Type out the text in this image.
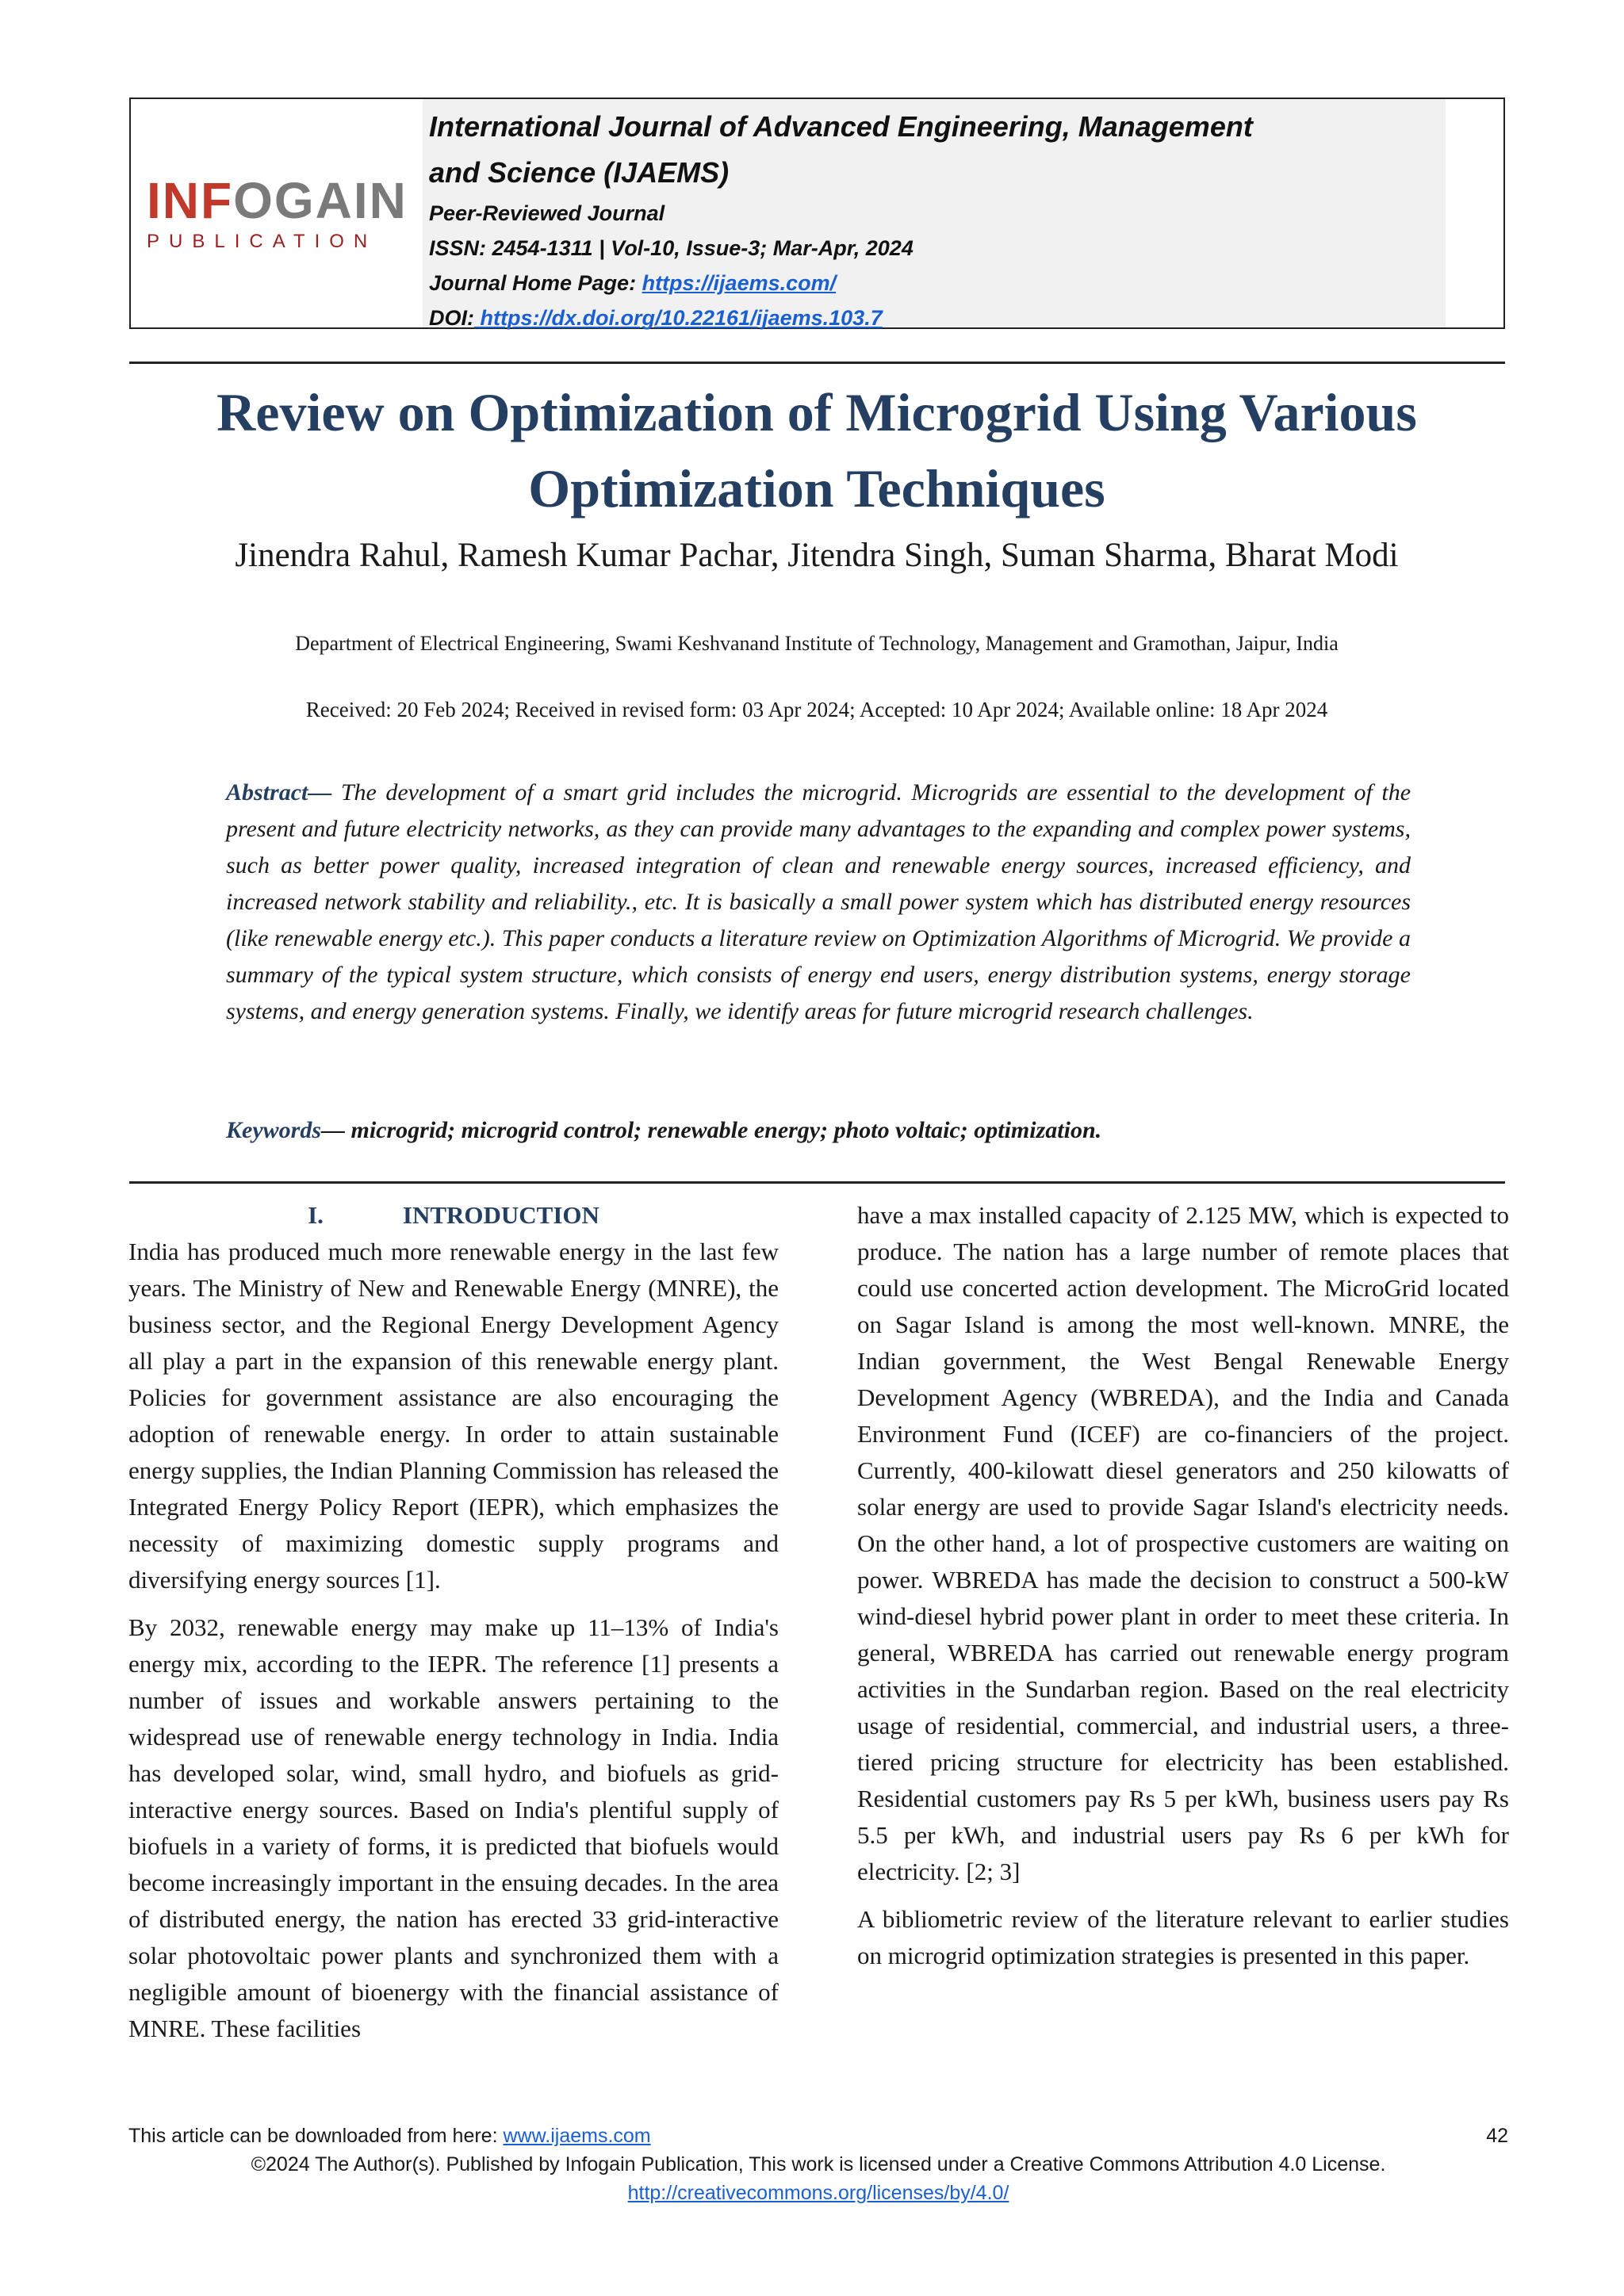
INFOGAIN
PUBLICATION
International Journal of Advanced Engineering, Management and Science (IJAEMS)
Peer-Reviewed Journal
ISSN: 2454-1311 | Vol-10, Issue-3; Mar-Apr, 2024
Journal Home Page: https://ijaems.com/
DOI: https://dx.doi.org/10.22161/ijaems.103.7
Review on Optimization of Microgrid Using Various Optimization Techniques
Jinendra Rahul, Ramesh Kumar Pachar, Jitendra Singh, Suman Sharma, Bharat Modi
Department of Electrical Engineering, Swami Keshvanand Institute of Technology, Management and Gramothan, Jaipur, India
Received: 20 Feb 2024; Received in revised form: 03 Apr 2024; Accepted: 10 Apr 2024; Available online: 18 Apr 2024
Abstract— The development of a smart grid includes the microgrid. Microgrids are essential to the development of the present and future electricity networks, as they can provide many advantages to the expanding and complex power systems, such as better power quality, increased integration of clean and renewable energy sources, increased efficiency, and increased network stability and reliability., etc. It is basically a small power system which has distributed energy resources (like renewable energy etc.). This paper conducts a literature review on Optimization Algorithms of Microgrid. We provide a summary of the typical system structure, which consists of energy end users, energy distribution systems, energy storage systems, and energy generation systems. Finally, we identify areas for future microgrid research challenges.
Keywords— microgrid; microgrid control; renewable energy; photo voltaic; optimization.

I.	INTRODUCTION

India has produced much more renewable energy in the last few years. The Ministry of New and Renewable Energy (MNRE), the business sector, and the Regional Energy Development Agency all play a part in the expansion of this renewable energy plant. Policies for government assistance are also encouraging the adoption of renewable energy. In order to attain sustainable energy supplies, the Indian Planning Commission has released the Integrated Energy Policy Report (IEPR), which emphasizes the necessity of maximizing domestic supply programs and diversifying energy sources [1].

By 2032, renewable energy may make up 11–13% of India's energy mix, according to the IEPR. The reference [1] presents a number of issues and workable answers pertaining to the widespread use of renewable energy technology in India. India has developed solar, wind, small hydro, and biofuels as grid-interactive energy sources. Based on India's plentiful supply of biofuels in a variety of forms, it is predicted that biofuels would become increasingly important in the ensuing decades. In the area of distributed energy, the nation has erected 33 grid-interactive solar photovoltaic power plants and synchronized them with a negligible amount of bioenergy with the financial assistance of MNRE. These facilities

have a max installed capacity of 2.125 MW, which is expected to produce. The nation has a large number of remote places that could use concerted action development. The MicroGrid located on Sagar Island is among the most well-known. MNRE, the Indian government, the West Bengal Renewable Energy Development Agency (WBREDA), and the India and Canada Environment Fund (ICEF) are co-financiers of the project. Currently, 400-kilowatt diesel generators and 250 kilowatts of solar energy are used to provide Sagar Island's electricity needs. On the other hand, a lot of prospective customers are waiting on power. WBREDA has made the decision to construct a 500-kW wind-diesel hybrid power plant in order to meet these criteria. In general, WBREDA has carried out renewable energy program activities in the Sundarban region. Based on the real electricity usage of residential, commercial, and industrial users, a three-tiered pricing structure for electricity has been established. Residential customers pay Rs 5 per kWh, business users pay Rs 5.5 per kWh, and industrial users pay Rs 6 per kWh for electricity. [2; 3]

A bibliometric review of the literature relevant to earlier studies on microgrid optimization strategies is presented in this paper.

This article can be downloaded from here: www.ijaems.com	42
©2024 The Author(s). Published by Infogain Publication, This work is licensed under a Creative Commons Attribution 4.0 License.
http://creativecommons.org/licenses/by/4.0/
